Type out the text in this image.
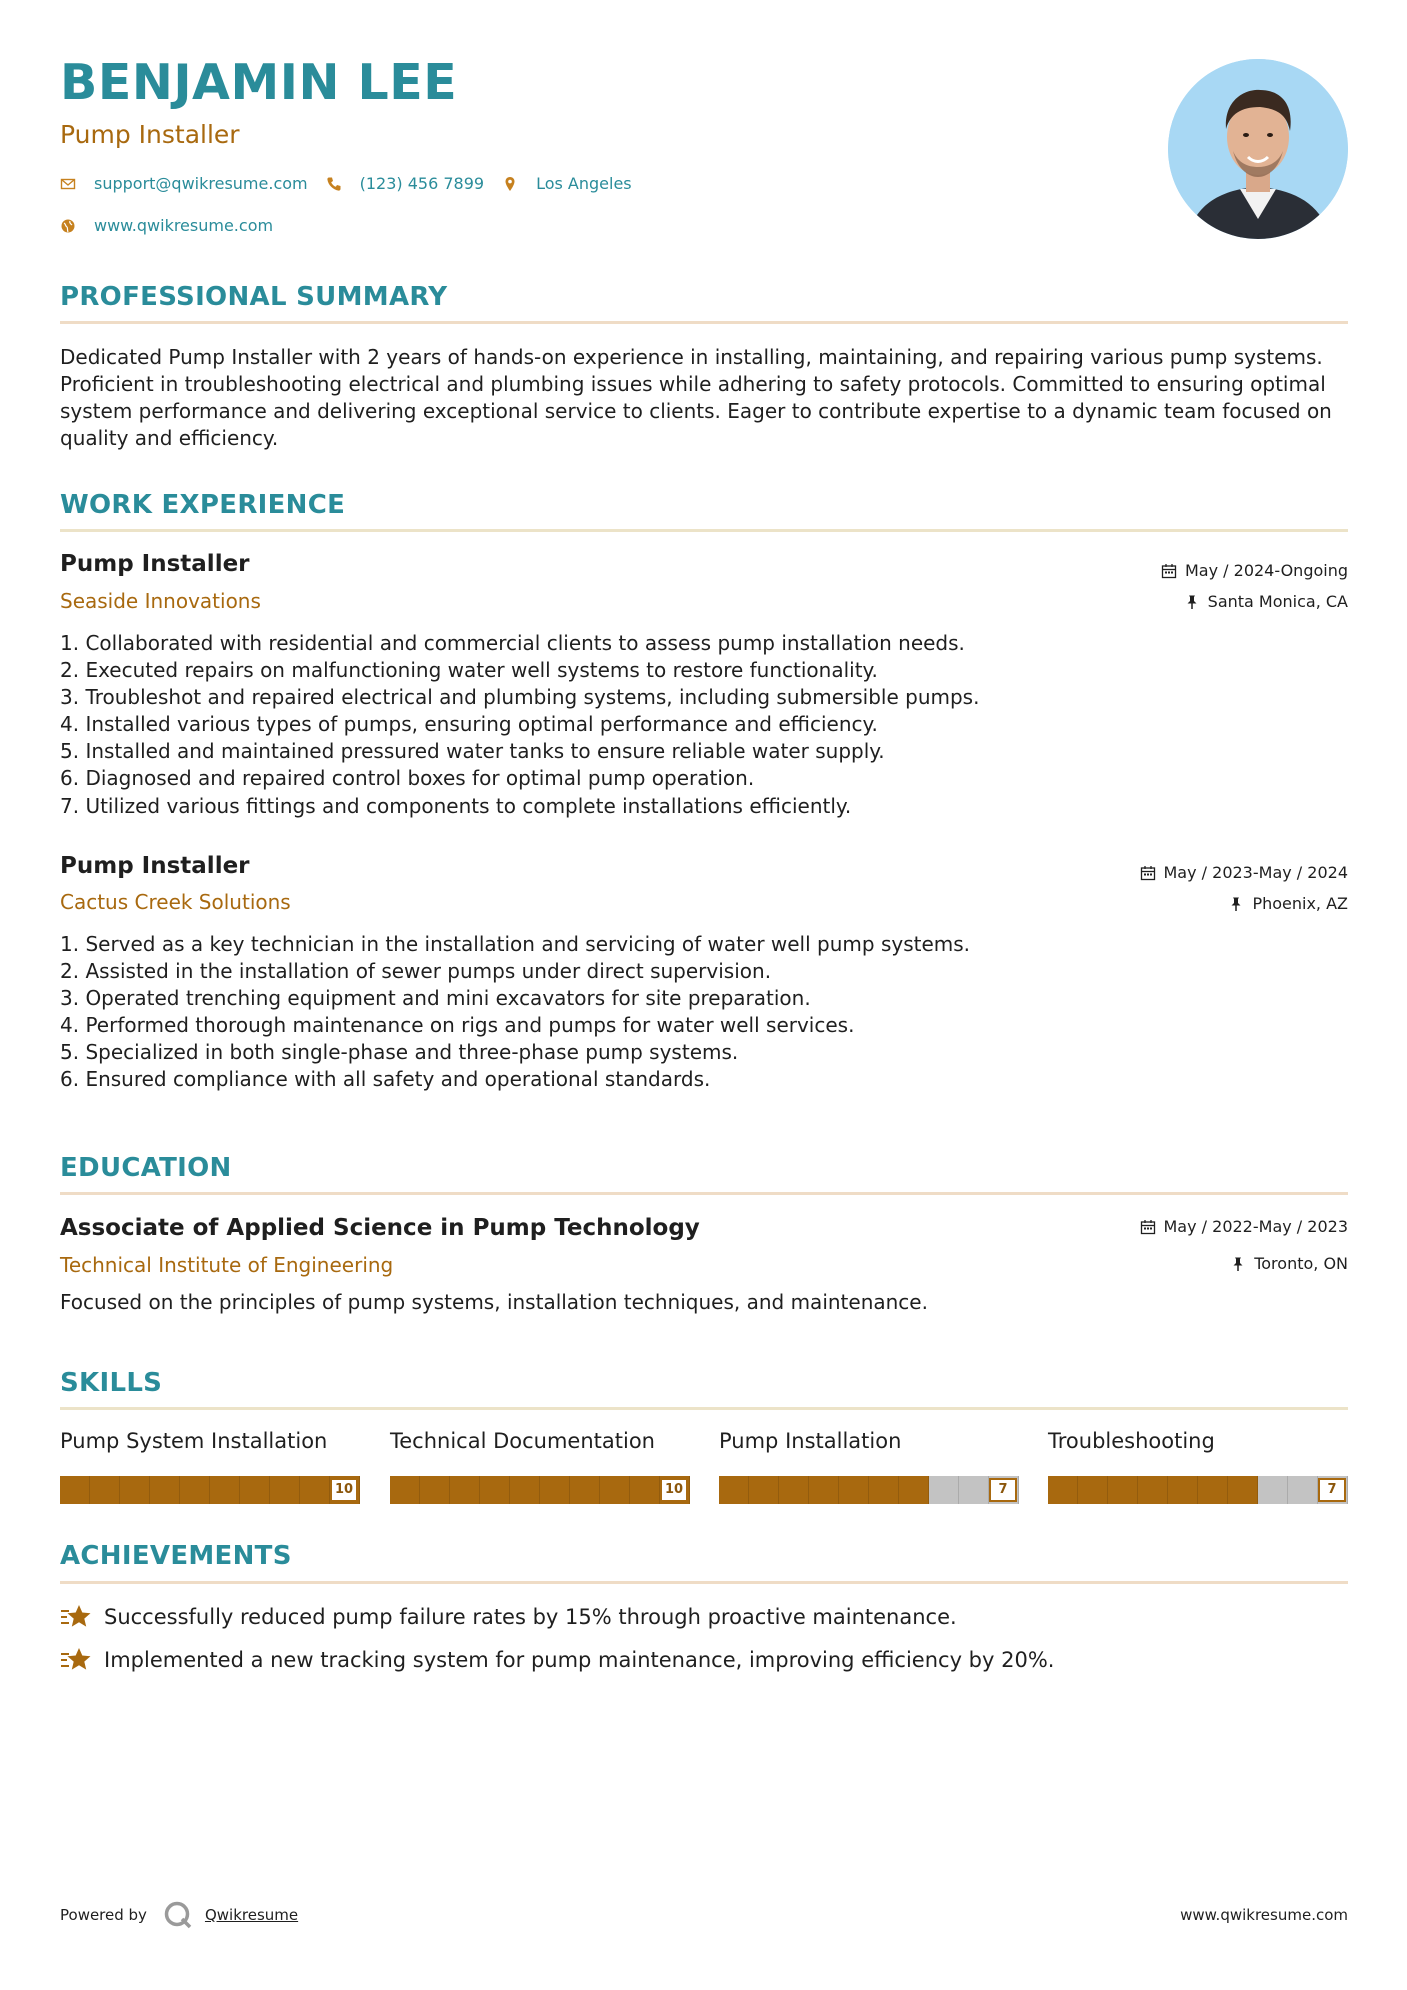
BENJAMIN LEE

Pump Installer

support@qwikresume.com	(123) 456 7899	Los Angeles
www.qwikresume.com
PROFESSIONAL SUMMARY

Dedicated Pump Installer with 2 years of hands-on experience in installing, maintaining, and repairing various pump systems. Proficient in troubleshooting electrical and plumbing issues while adhering to safety protocols. Committed to ensuring optimal system performance and delivering exceptional service to clients. Eager to contribute expertise to a dynamic team focused on quality and efficiency.

WORK EXPERIENCE
Pump Installer

Seaside Innovations

May / 2024-Ongoing
Santa Monica, CA
1. Collaborated with residential and commercial clients to assess pump installation needs.
2. Executed repairs on malfunctioning water well systems to restore functionality.
3. Troubleshot and repaired electrical and plumbing systems, including submersible pumps.
4. Installed various types of pumps, ensuring optimal performance and efficiency.
5. Installed and maintained pressured water tanks to ensure reliable water supply.
6. Diagnosed and repaired control boxes for optimal pump operation.
7. Utilized various fittings and components to complete installations efficiently.
Pump Installer

Cactus Creek Solutions

May / 2023-May / 2024
Phoenix, AZ
1. Served as a key technician in the installation and servicing of water well pump systems.
2. Assisted in the installation of sewer pumps under direct supervision.
3. Operated trenching equipment and mini excavators for site preparation.
4. Performed thorough maintenance on rigs and pumps for water well services.
5. Specialized in both single-phase and three-phase pump systems.
6. Ensured compliance with all safety and operational standards.
EDUCATION
Associate of Applied Science in Pump Technology

Technical Institute of Engineering

May / 2022-May / 2023
Toronto, ON

Focused on the principles of pump systems, installation techniques, and maintenance.

SKILLS

Pump System Installation

10

Technical Documentation

10

Pump Installation

7

Troubleshooting

7
ACHIEVEMENTS
Successfully reduced pump failure rates by 15% through proactive maintenance.
Implemented a new tracking system for pump maintenance, improving efficiency by 20%.
Powered by	Qwikresume	www.qwikresume.com
